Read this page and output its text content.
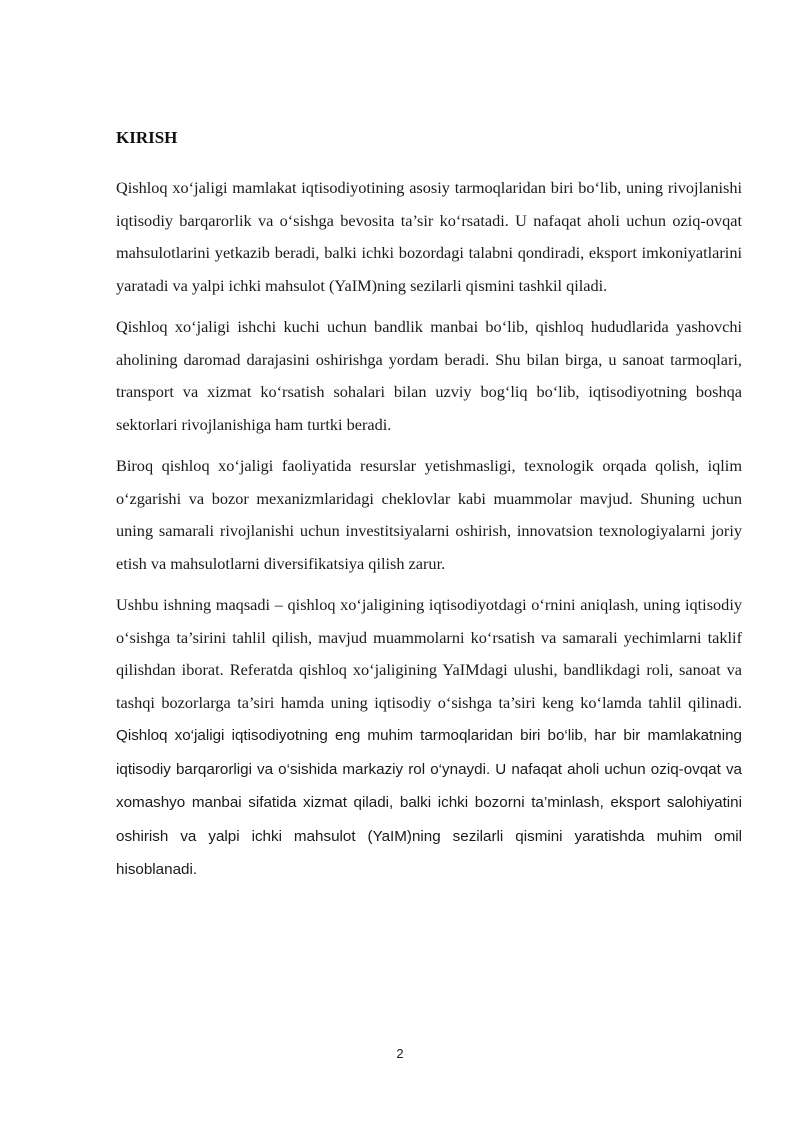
KIRISH

Qishloq xo‘jaligi mamlakat iqtisodiyotining asosiy tarmoqlaridan biri bo‘lib, uning rivojlanishi iqtisodiy barqarorlik va o‘sishga bevosita ta’sir ko‘rsatadi. U nafaqat aholi uchun oziq-ovqat mahsulotlarini yetkazib beradi, balki ichki bozordagi talabni qondiradi, eksport imkoniyatlarini yaratadi va yalpi ichki mahsulot (YaIM)ning sezilarli qismini tashkil qiladi.

Qishloq xo‘jaligi ishchi kuchi uchun bandlik manbai bo‘lib, qishloq hududlarida yashovchi aholining daromad darajasini oshirishga yordam beradi. Shu bilan birga, u sanoat tarmoqlari, transport va xizmat ko‘rsatish sohalari bilan uzviy bog‘liq bo‘lib, iqtisodiyotning boshqa sektorlari rivojlanishiga ham turtki beradi.

Biroq qishloq xo‘jaligi faoliyatida resurslar yetishmasligi, texnologik orqada qolish, iqlim o‘zgarishi va bozor mexanizmlaridagi cheklovlar kabi muammolar mavjud. Shuning uchun uning samarali rivojlanishi uchun investitsiyalarni oshirish, innovatsion texnologiyalarni joriy etish va mahsulotlarni diversifikatsiya qilish zarur.

Ushbu ishning maqsadi – qishloq xo‘jaligining iqtisodiyotdagi o‘rnini aniqlash, uning iqtisodiy o‘sishga ta’sirini tahlil qilish, mavjud muammolarni ko‘rsatish va samarali yechimlarni taklif qilishdan iborat. Referatda qishloq xo‘jaligining YaIMdagi ulushi, bandlikdagi roli, sanoat va tashqi bozorlarga ta’siri hamda uning iqtisodiy o‘sishga ta’siri keng ko‘lamda tahlil qilinadi. Qishloq xo‘jaligi iqtisodiyotning eng muhim tarmoqlaridan biri bo‘lib, har bir mamlakatning iqtisodiy barqarorligi va o‘sishida markaziy rol o‘ynaydi. U nafaqat aholi uchun oziq-ovqat va xomashyo manbai sifatida xizmat qiladi, balki ichki bozorni ta’minlash, eksport salohiyatini oshirish va yalpi ichki mahsulot (YaIM)ning sezilarli qismini yaratishda muhim omil hisoblanadi.

2
